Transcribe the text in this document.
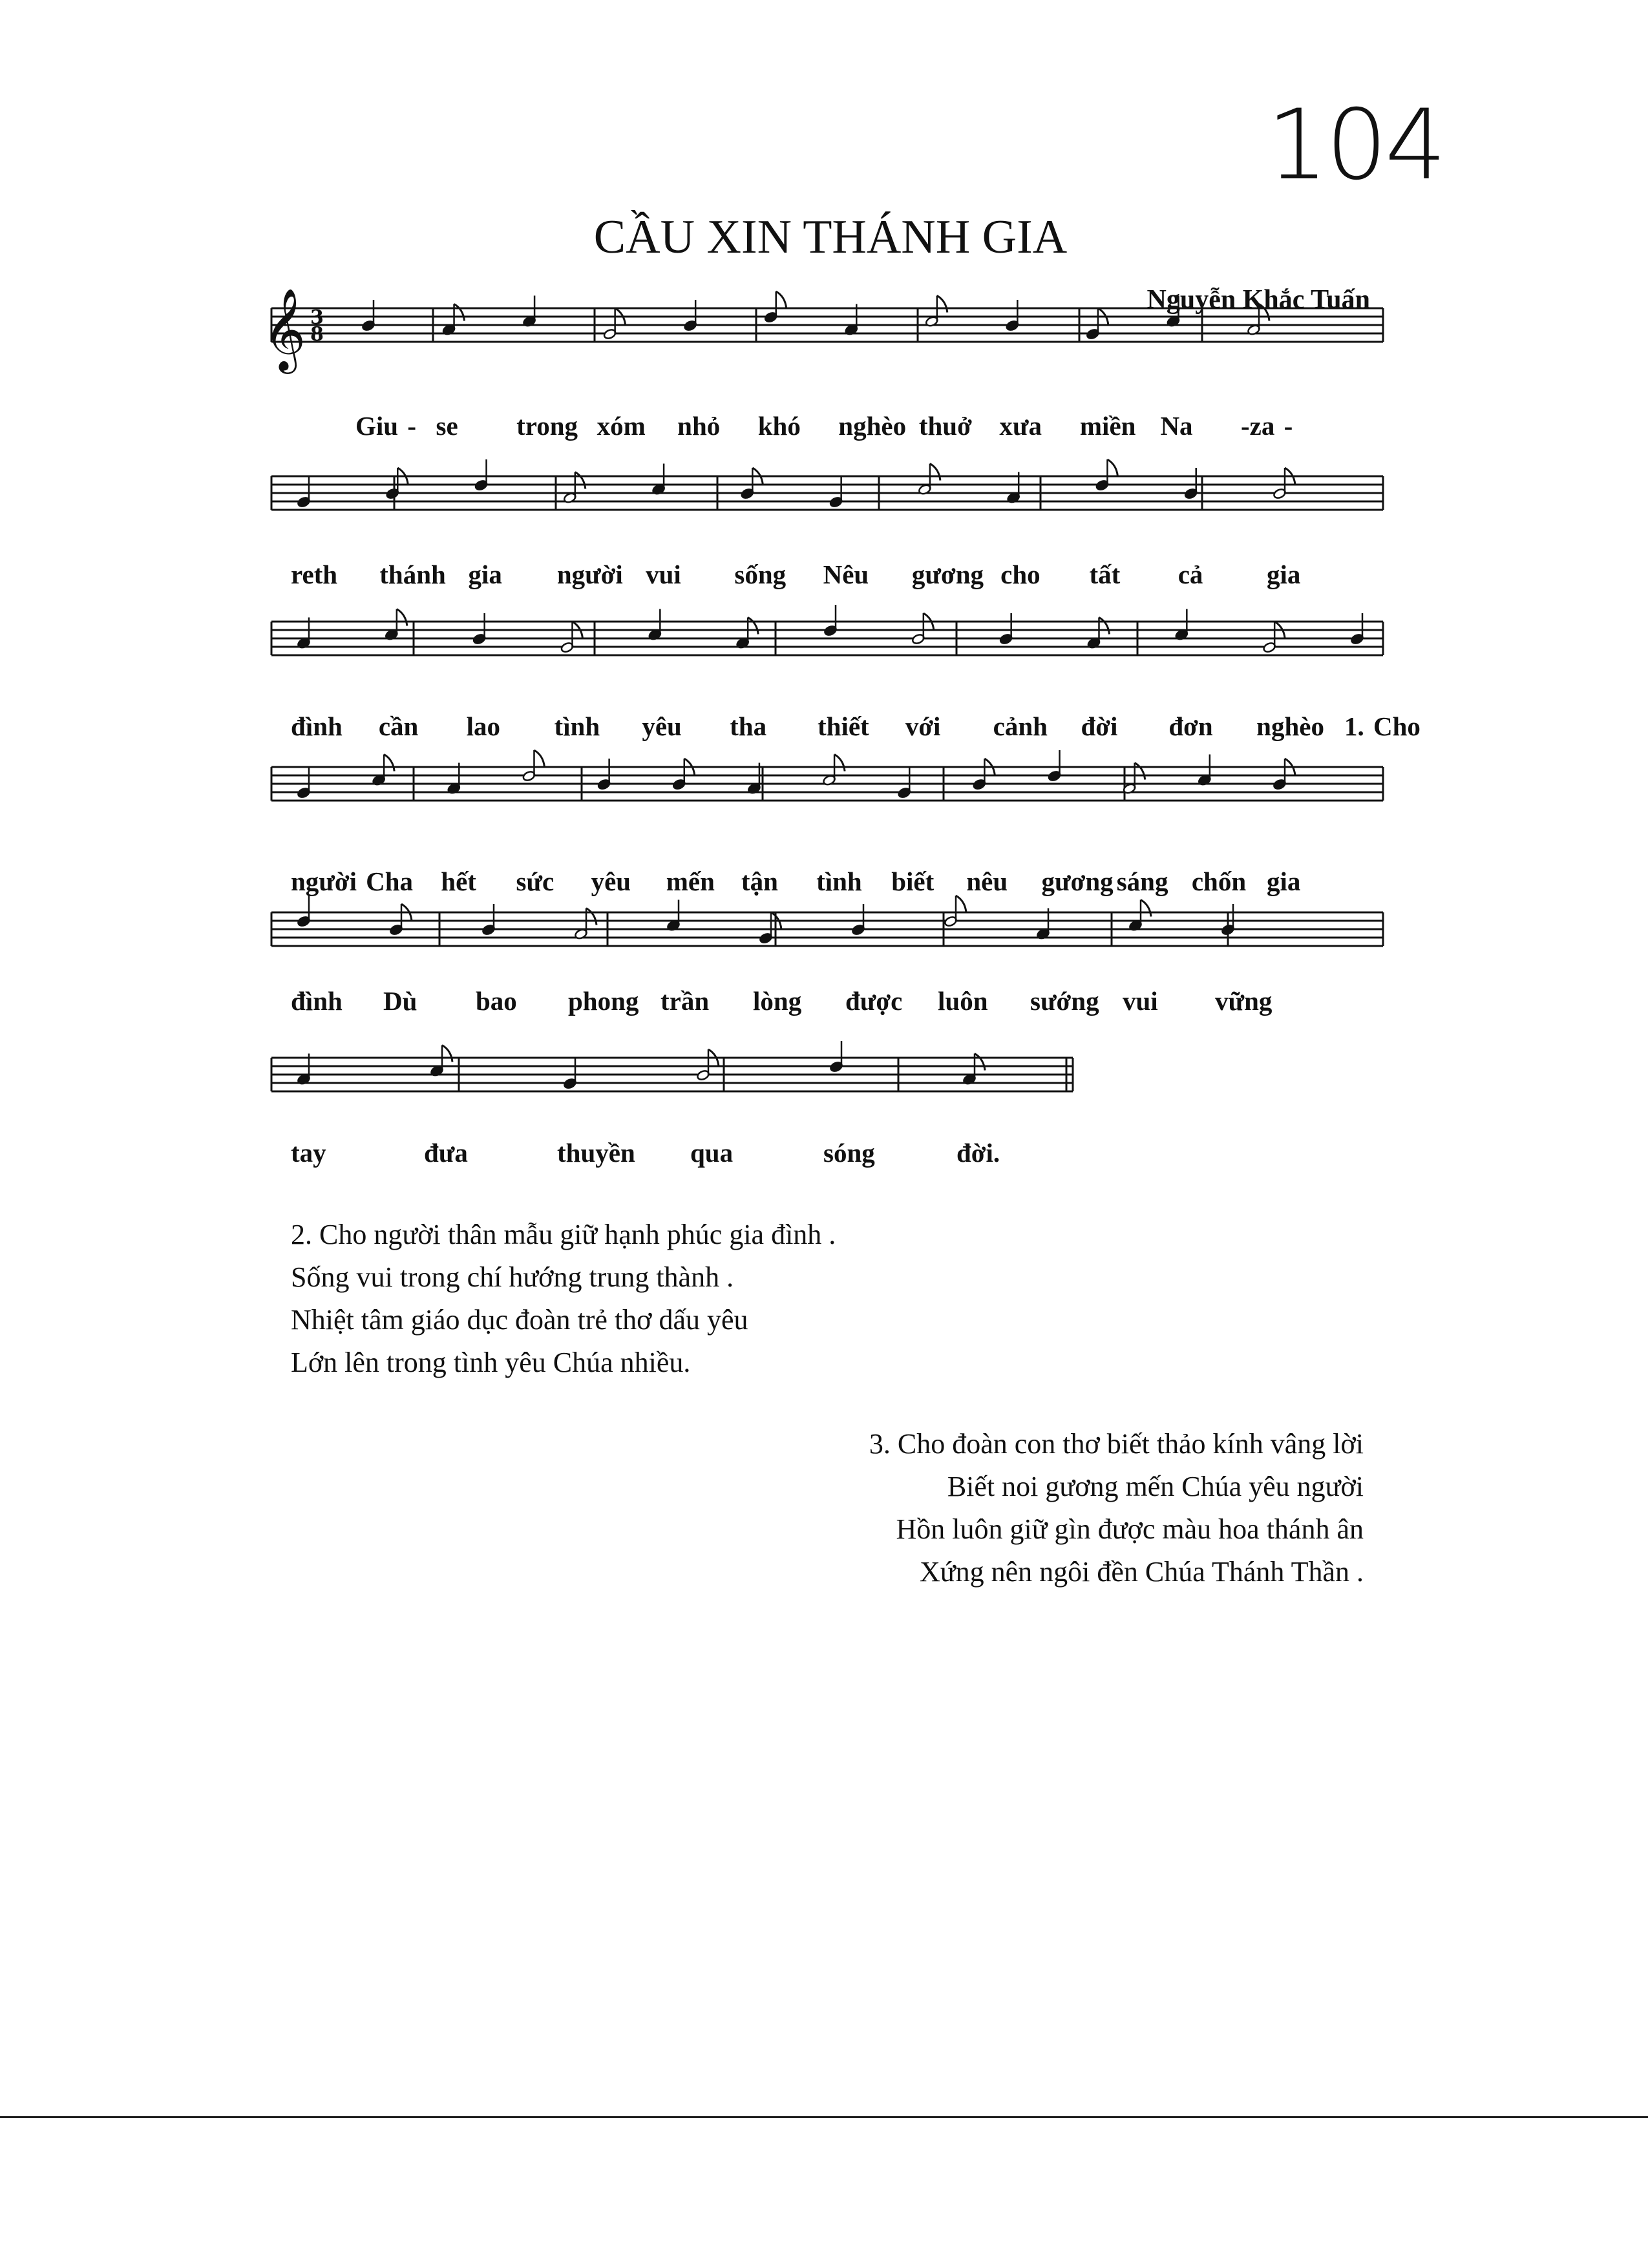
104
CẦU XIN THÁNH GIA
Nguyễn Khắc Tuấn
𝄞 3
8
Giu - se trong xóm nhỏ khó nghèo thuở xưa miền Na -za -
reth thánh gia người vui sống Nêu gương cho tất cả gia
đình cần lao tình yêu tha thiết với cảnh đời đơn nghèo 1. Cho
người Cha hết sức yêu mến tận tình biết nêu gương sáng chốn gia
đình Dù bao phong trần lòng được luôn sướng vui vững
tay	đưa	thuyền qua	sóng	đời.
2. Cho người thân mẫu giữ hạnh phúc gia đình .
Sống vui trong chí hướng trung thành .
Nhiệt tâm giáo dục đoàn trẻ thơ dấu yêu
Lớn lên trong tình yêu Chúa nhiều.
3. Cho đoàn con thơ biết thảo kính vâng lời
Biết noi gương mến Chúa yêu người
Hồn luôn giữ gìn được màu hoa thánh ân
Xứng nên ngôi đền Chúa Thánh Thần .
